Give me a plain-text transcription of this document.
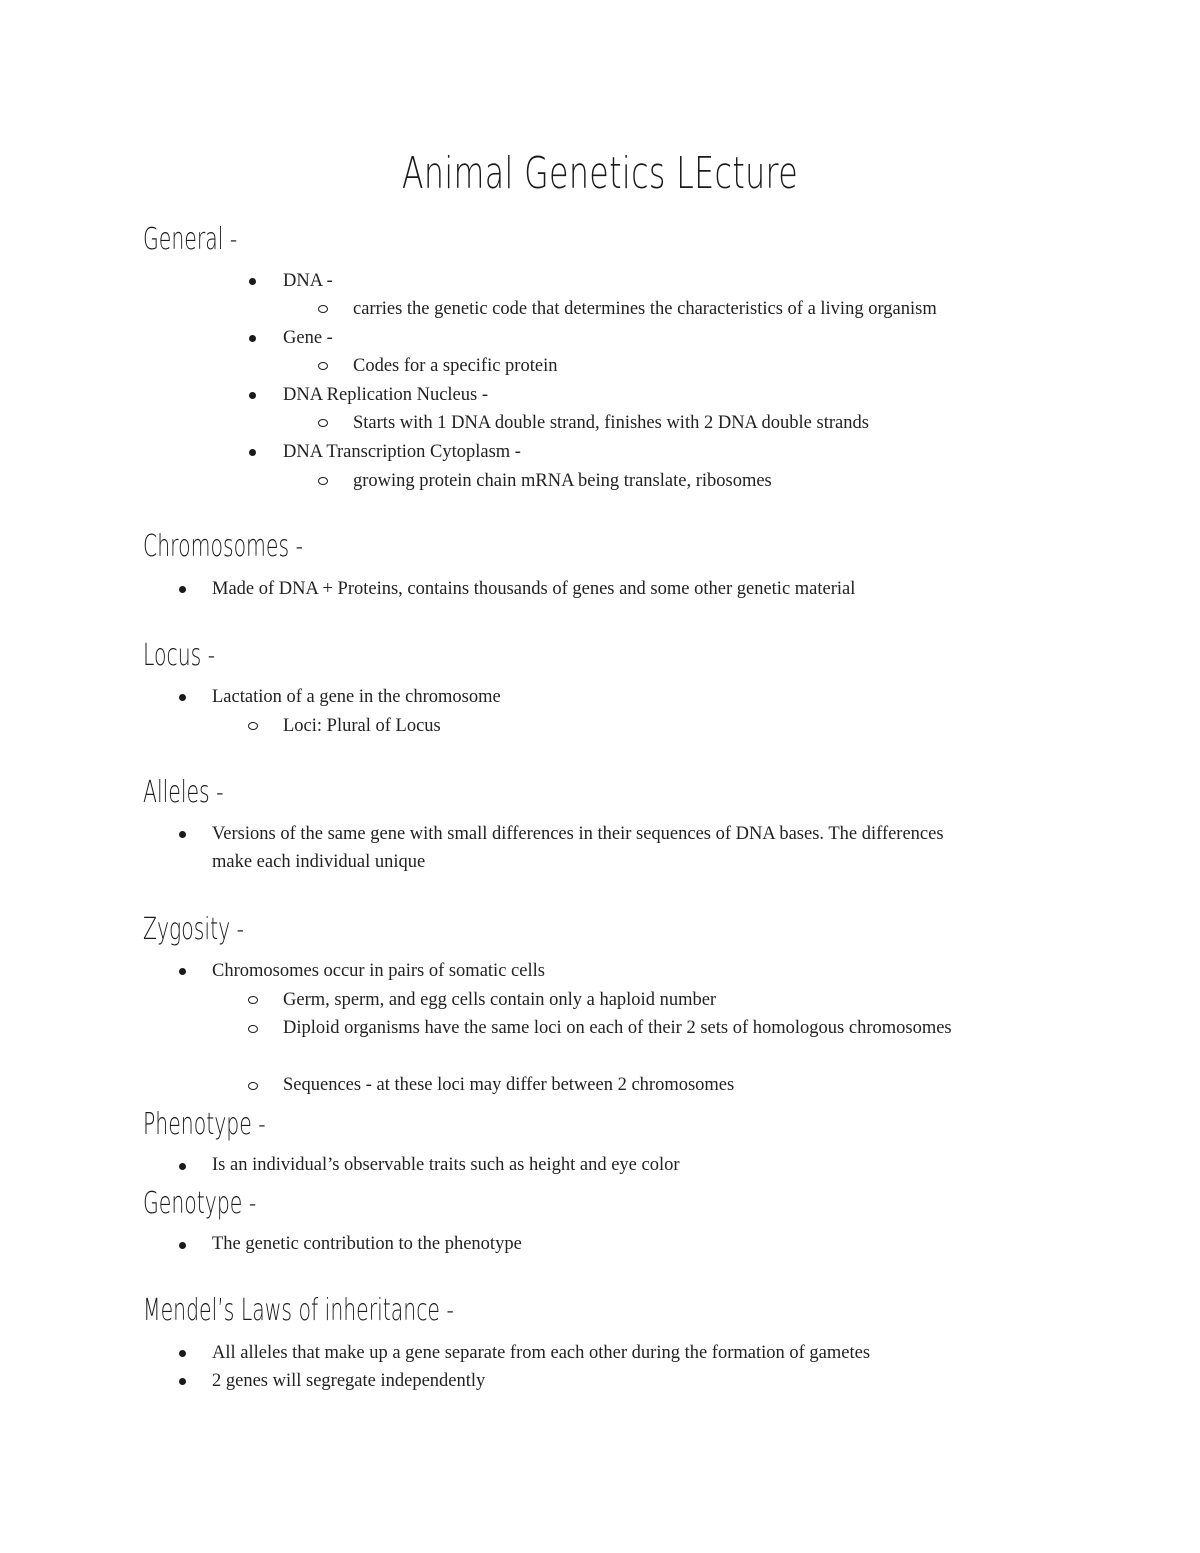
Animal Genetics LEcture
General -
DNA -
carries the genetic code that determines the characteristics of a living organism
Gene -
Codes for a specific protein
DNA Replication Nucleus -
Starts with 1 DNA double strand, finishes with 2 DNA double strands
DNA Transcription Cytoplasm -
growing protein chain mRNA being translate, ribosomes
Chromosomes -
Made of DNA + Proteins, contains thousands of genes and some other genetic material
Locus -
Lactation of a gene in the chromosome
Loci: Plural of Locus
Alleles -
Versions of the same gene with small differences in their sequences of DNA bases. The differences make each individual unique
Zygosity -
Chromosomes occur in pairs of somatic cells
Germ, sperm, and egg cells contain only a haploid number
Diploid organisms have the same loci on each of their 2 sets of homologous chromosomes
Sequences - at these loci may differ between 2 chromosomes
Phenotype -
Is an individual’s observable traits such as height and eye color
Genotype -
The genetic contribution to the phenotype
Mendel’s Laws of inheritance -
All alleles that make up a gene separate from each other during the formation of gametes
2 genes will segregate independently
